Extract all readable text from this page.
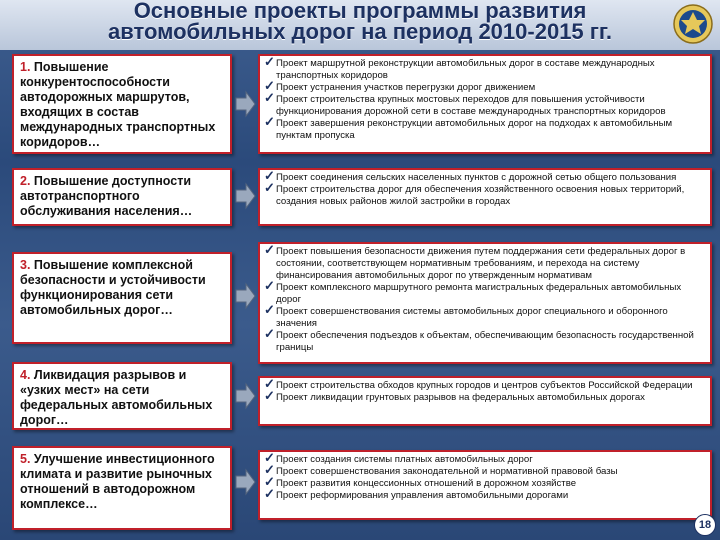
Основные проекты программы развития
автомобильных дорог на период 2010-2015 гг.
1. Повышение конкурентоспособности автодорожных маршрутов, входящих в состав международных транспортных коридоров…
✓ Проект маршрутной реконструкции автомобильных дорог в составе международных транспортных коридоров
✓ Проект устранения участков перегрузки дорог движением
✓ Проект строительства крупных мостовых переходов для повышения устойчивости функционирования дорожной сети в составе международных транспортных коридоров
✓ Проект завершения реконструкции автомобильных дорог на подходах к автомобильным пунктам пропуска
2. Повышение доступности автотранспортного обслуживания населения…
✓ Проект соединения сельских населенных пунктов с дорожной сетью общего пользования
✓ Проект строительства дорог для обеспечения хозяйственного освоения новых территорий, создания новых районов жилой застройки в городах
3. Повышение комплексной безопасности и устойчивости функционирования сети автомобильных дорог…
✓ Проект повышения безопасности движения путем поддержания сети федеральных дорог в состоянии, соответствующем нормативным требованиям, и перехода на систему финансирования автомобильных дорог по утвержденным нормативам
✓ Проект комплексного маршрутного ремонта магистральных федеральных автомобильных дорог
✓ Проект совершенствования системы автомобильных дорог специального и оборонного значения
✓ Проект обеспечения подъездов к объектам, обеспечивающим безопасность государственной границы
4. Ликвидация разрывов и «узких мест» на сети федеральных автомобильных дорог…
✓ Проект строительства обходов крупных городов и центров субъектов Российской Федерации
✓ Проект ликвидации грунтовых разрывов на федеральных автомобильных дорогах
5. Улучшение инвестиционного климата и развитие рыночных отношений в автодорожном комплексе…
✓ Проект создания системы платных автомобильных дорог
✓ Проект совершенствования законодательной и нормативной правовой базы
✓ Проект развития концессионных отношений в дорожном хозяйстве
✓ Проект реформирования управления автомобильными дорогами
18
